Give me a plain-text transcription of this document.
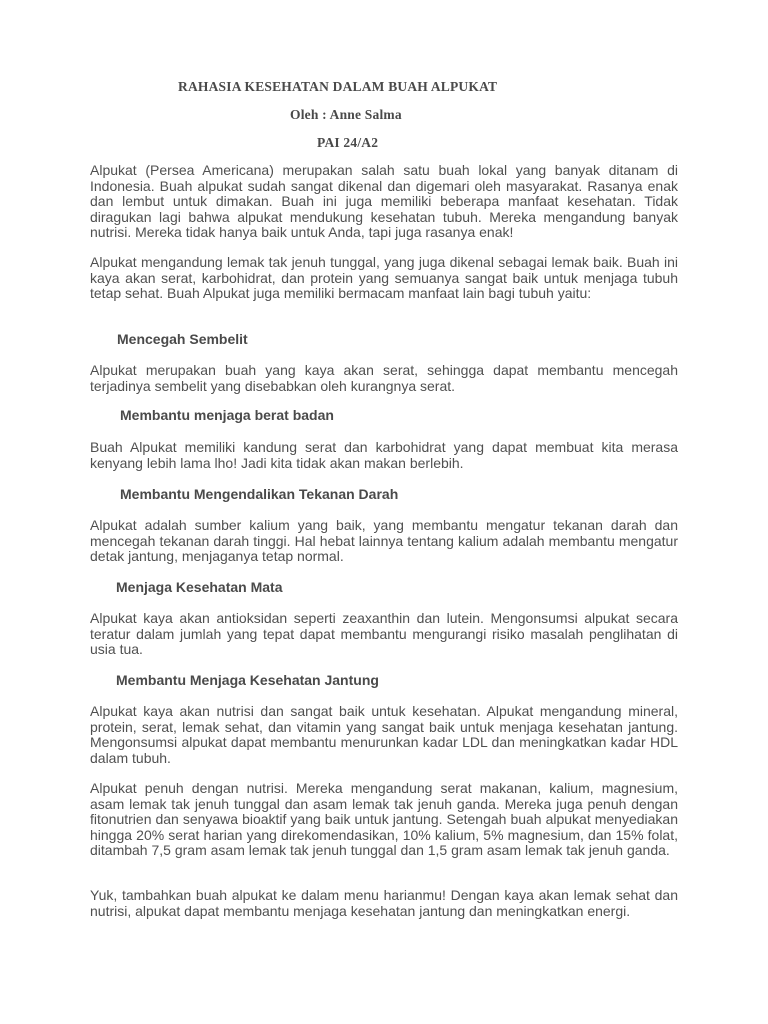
RAHASIA KESEHATAN DALAM BUAH ALPUKAT
Oleh : Anne Salma
PAI 24/A2

Alpukat (Persea Americana) merupakan salah satu buah lokal yang banyak ditanam di Indonesia. Buah alpukat sudah sangat dikenal dan digemari oleh masyarakat. Rasanya enak dan lembut untuk dimakan. Buah ini juga memiliki beberapa manfaat kesehatan. Tidak diragukan lagi bahwa alpukat mendukung kesehatan tubuh. Mereka mengandung banyak nutrisi. Mereka tidak hanya baik untuk Anda, tapi juga rasanya enak!

Alpukat mengandung lemak tak jenuh tunggal, yang juga dikenal sebagai lemak baik. Buah ini kaya akan serat, karbohidrat, dan protein yang semuanya sangat baik untuk menjaga tubuh tetap sehat. Buah Alpukat juga memiliki bermacam manfaat lain bagi tubuh yaitu:

Mencegah Sembelit

Alpukat merupakan buah yang kaya akan serat, sehingga dapat membantu mencegah terjadinya sembelit yang disebabkan oleh kurangnya serat.

Membantu menjaga berat badan

Buah Alpukat memiliki kandung serat dan karbohidrat yang dapat membuat kita merasa kenyang lebih lama lho! Jadi kita tidak akan makan berlebih.

Membantu Mengendalikan Tekanan Darah

Alpukat adalah sumber kalium yang baik, yang membantu mengatur tekanan darah dan mencegah tekanan darah tinggi. Hal hebat lainnya tentang kalium adalah membantu mengatur detak jantung, menjaganya tetap normal.

Menjaga Kesehatan Mata

Alpukat kaya akan antioksidan seperti zeaxanthin dan lutein. Mengonsumsi alpukat secara teratur dalam jumlah yang tepat dapat membantu mengurangi risiko masalah penglihatan di usia tua.

Membantu Menjaga Kesehatan Jantung

Alpukat kaya akan nutrisi dan sangat baik untuk kesehatan. Alpukat mengandung mineral, protein, serat, lemak sehat, dan vitamin yang sangat baik untuk menjaga kesehatan jantung. Mengonsumsi alpukat dapat membantu menurunkan kadar LDL dan meningkatkan kadar HDL dalam tubuh.

Alpukat penuh dengan nutrisi. Mereka mengandung serat makanan, kalium, magnesium, asam lemak tak jenuh tunggal dan asam lemak tak jenuh ganda. Mereka juga penuh dengan fitonutrien dan senyawa bioaktif yang baik untuk jantung. Setengah buah alpukat menyediakan hingga 20% serat harian yang direkomendasikan, 10% kalium, 5% magnesium, dan 15% folat, ditambah 7,5 gram asam lemak tak jenuh tunggal dan 1,5 gram asam lemak tak jenuh ganda.

Yuk, tambahkan buah alpukat ke dalam menu harianmu! Dengan kaya akan lemak sehat dan nutrisi, alpukat dapat membantu menjaga kesehatan jantung dan meningkatkan energi.
